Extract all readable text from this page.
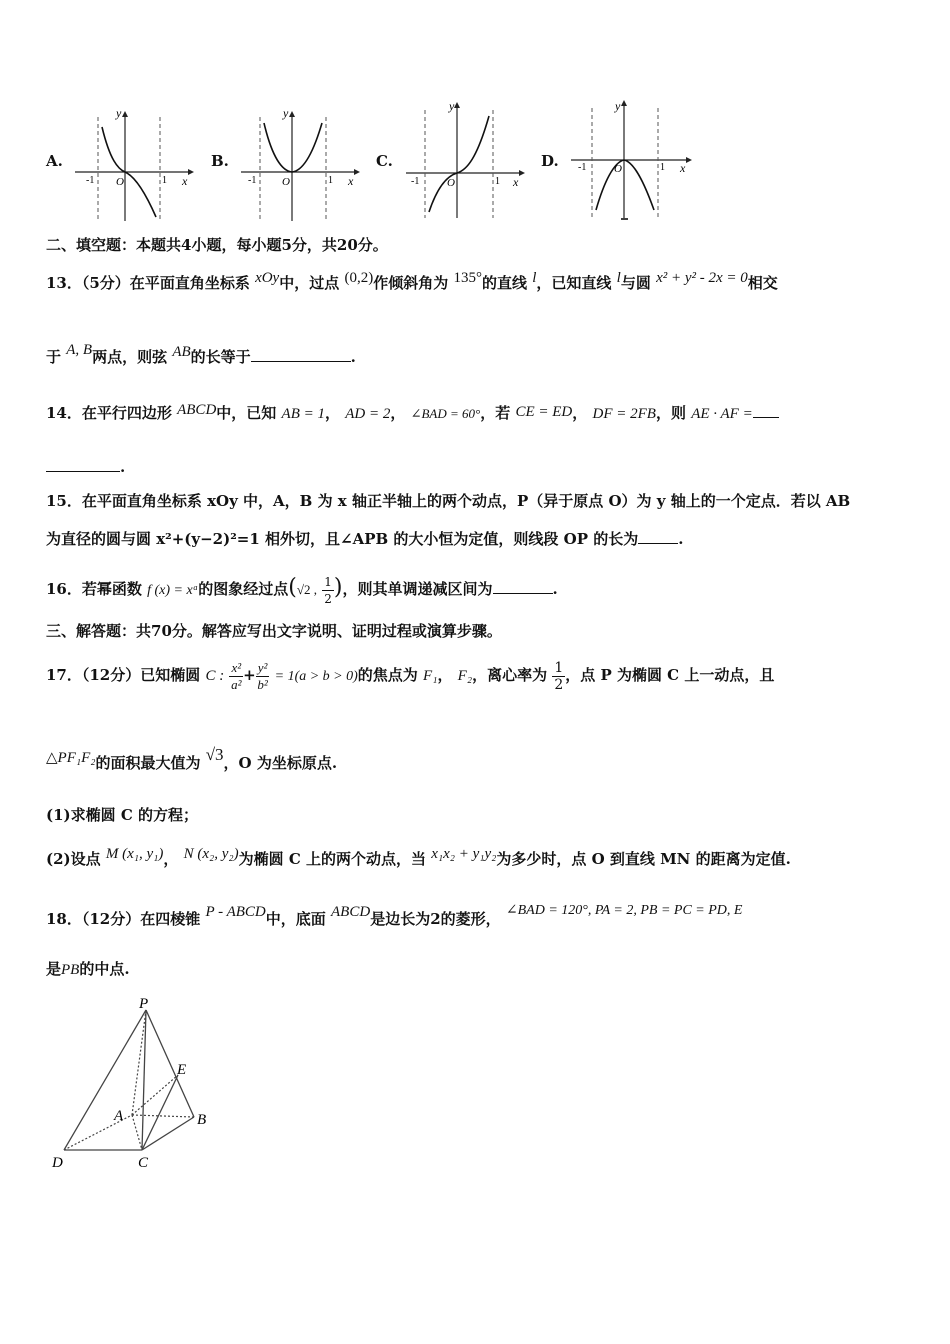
A.
y
x
O
-1	1
B.
y
x
O
-1	1
C.
y
x
O
-1	1
D.
y
x
O
-1	1
二、填空题：本题共4小题，每小题5分，共20分。
13．（5分）在平面直角坐标系 xOy中，过点 (0,2)作倾斜角为 135°的直线 l，已知直线 l与圆 x² + y² - 2x = 0相交
于 A, B两点，则弦 AB的长等于	.
14．在平行四边形 ABCD中，已知 AB = 1， AD = 2， ∠BAD = 60°，若 CE = ED， DF = 2FB，则 AE · AF =
.
15．在平面直角坐标系 xOy 中，A，B 为 x 轴正半轴上的两个动点，P（异于原点 O）为 y 轴上的一个定点．若以 AB
为直径的圆与圆 x²+(y−2)²=1 相外切，且∠APB 的大小恒为定值，则线段 OP 的长为	.
16．若幂函数 f (x) = xᵃ的图象经过点(√2 , $\frac{1}{2}$ )，则其单调递减区间为	.
三、解答题：共70分。解答应写出文字说明、证明过程或演算步骤。
17．（12分）已知椭圆 C : $\frac{\text{x²}}{\text{a²}} + \frac{\text{y²}}{\text{b²}} = 1(a > b > 0)$的焦点为 F₁， F₂，离心率为 $\frac{1}{2}$ ，点 P 为椭圆 C 上一动点，且
△PF₁F₂的面积最大值为 √3，O 为坐标原点.
(1)求椭圆 C 的方程；
(2)设点 M (x₁, y₁)， N (x₂, y₂)为椭圆 C 上的两个动点，当 x₁x₂ + y₁y₂为多少时，点 O 到直线 MN 的距离为定值.
18．（12分）在四棱锥 P - ABCD中，底面 ABCD是边长为2的菱形， ∠BAD = 120°, PA = 2, PB = PC = PD, E
是PB的中点.
P
E
A	B
C
D
